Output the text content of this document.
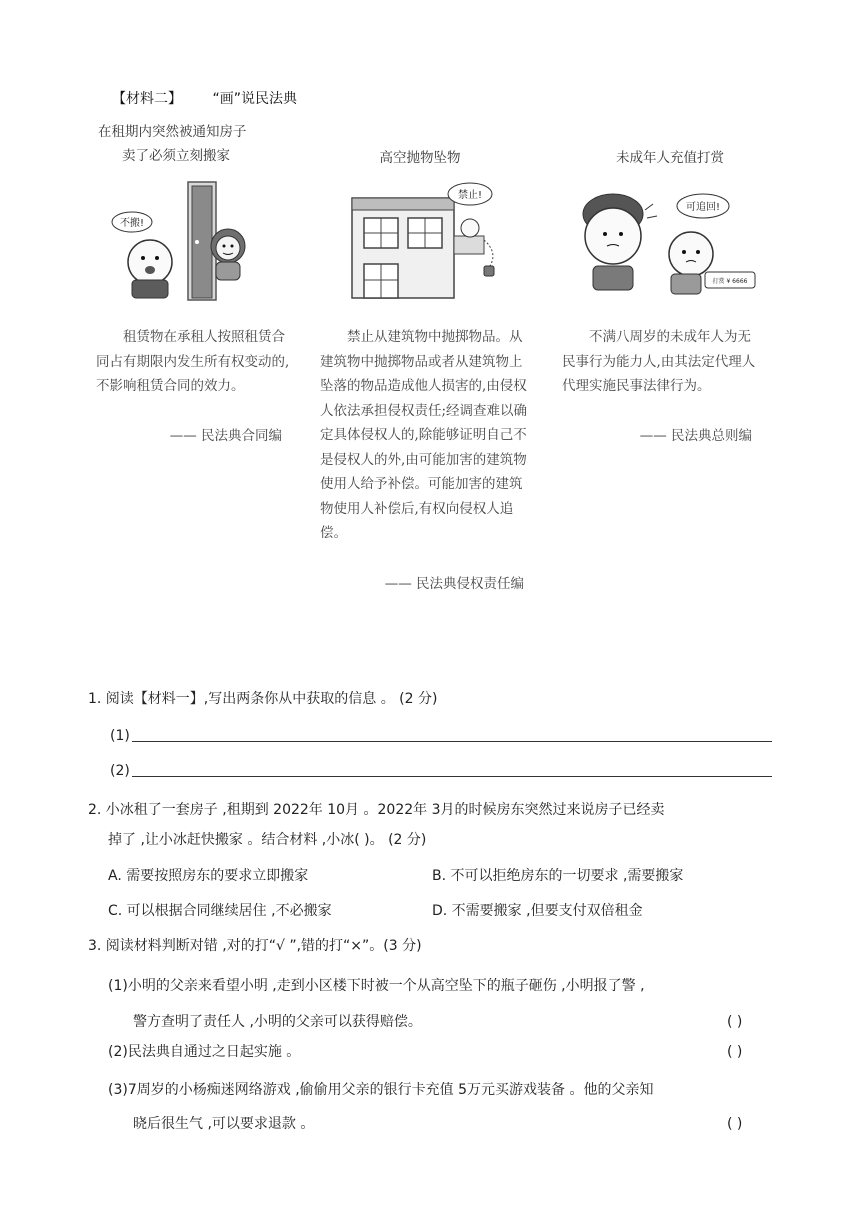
【材料二】 “画”说民法典
在租期内突然被通知房子
卖了必须立刻搬家
不搬!

租赁物在承租人按照租赁合同占有期限内发生所有权变动的,不影响租赁合同的效力。

—— 民法典合同编
高空抛物坠物
禁止!

禁止从建筑物中抛掷物品。从建筑物中抛掷物品或者从建筑物上坠落的物品造成他人损害的,由侵权人依法承担侵权责任;经调查难以确定具体侵权人的,除能够证明自己不是侵权人的外,由可能加害的建筑物使用人给予补偿。可能加害的建筑物使用人补偿后,有权向侵权人追偿。

—— 民法典侵权责任编
未成年人充值打赏
打赏 ¥ 6666
可追回!

不满八周岁的未成年人为无民事行为能力人,由其法定代理人代理实施民事法律行为。

—— 民法典总则编
1. 阅读【材料一】,写出两条你从中获取的信息 。 (2 分)
(1)
(2)
2. 小冰租了一套房子 ,租期到 2022年 10月 。2022年 3月的时候房东突然过来说房子已经卖
掉了 ,让小冰赶快搬家 。结合材料 ,小冰( )。 (2 分)
A. 需要按照房东的要求立即搬家	B. 不可以拒绝房东的一切要求 ,需要搬家
C. 可以根据合同继续居住 ,不必搬家	D. 不需要搬家 ,但要支付双倍租金
3. 阅读材料判断对错 ,对的打“√ ”,错的打“×”。(3 分)
(1)小明的父亲来看望小明 ,走到小区楼下时被一个从高空坠下的瓶子砸伤 ,小明报了警 ,
警方查明了责任人 ,小明的父亲可以获得赔偿。	( )
(2)民法典自通过之日起实施 。	( )
(3)7周岁的小杨痴迷网络游戏 ,偷偷用父亲的银行卡充值 5万元买游戏装备 。他的父亲知
晓后很生气 ,可以要求退款 。	( )
